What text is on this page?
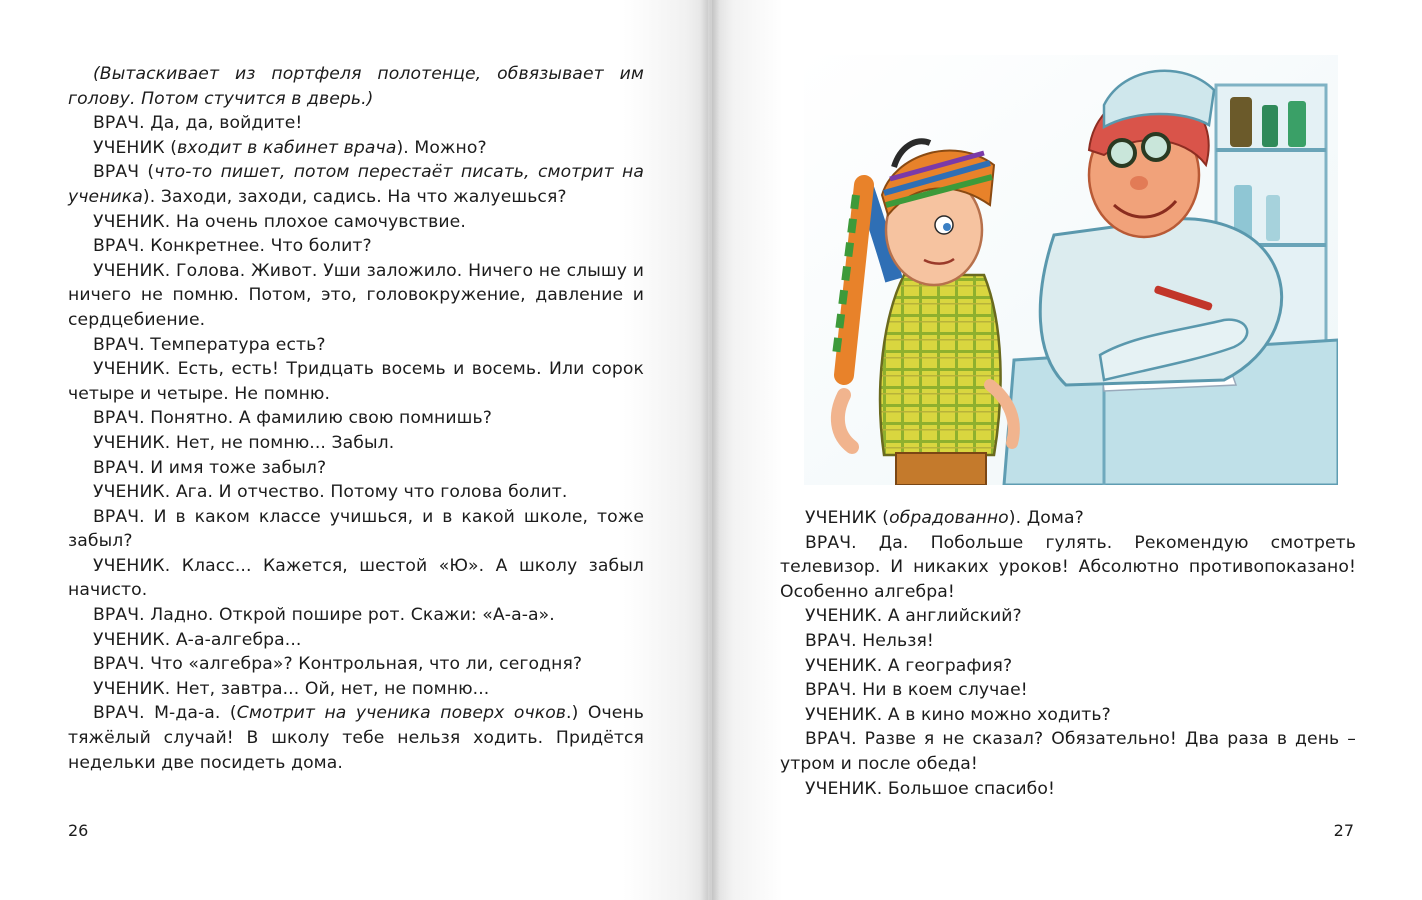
(Вытаскивает из портфеля полотенце, обвязывает им голову. Потом стучится в дверь.)

ВРАЧ. Да, да, войдите!

УЧЕНИК (входит в кабинет врача). Можно?

ВРАЧ (что-то пишет, потом перестаёт писать, смотрит на ученика). Заходи, заходи, садись. На что жалуешься?

УЧЕНИК. На очень плохое самочувствие.

ВРАЧ. Конкретнее. Что болит?

УЧЕНИК. Голова. Живот. Уши заложило. Ничего не слышу и ничего не помню. Потом, это, головокружение, давление и сердцебиение.

ВРАЧ. Температура есть?

УЧЕНИК. Есть, есть! Тридцать восемь и восемь. Или сорок четыре и четыре. Не помню.

ВРАЧ. Понятно. А фамилию свою помнишь?

УЧЕНИК. Нет, не помню... Забыл.

ВРАЧ. И имя тоже забыл?

УЧЕНИК. Ага. И отчество. Потому что голова болит.

ВРАЧ. И в каком классе учишься, и в какой школе, тоже забыл?

УЧЕНИК. Класс... Кажется, шестой «Ю». А школу забыл начисто.

ВРАЧ. Ладно. Открой пошире рот. Скажи: «А-а-а».

УЧЕНИК. А-а-алгебра...

ВРАЧ. Что «алгебра»? Контрольная, что ли, сегодня?

УЧЕНИК. Нет, завтра... Ой, нет, не помню...

ВРАЧ. М-да-а. (Смотрит на ученика поверх очков.) Очень тяжёлый случай! В школу тебе нельзя ходить. Придётся недельки две посидеть дома.

26

УЧЕНИК (обрадованно). Дома?

ВРАЧ. Да. Побольше гулять. Рекомендую смотреть телевизор. И никаких уроков! Абсолютно противопоказано! Особенно алгебра!

УЧЕНИК. А английский?

ВРАЧ. Нельзя!

УЧЕНИК. А география?

ВРАЧ. Ни в коем случае!

УЧЕНИК. А в кино можно ходить?

ВРАЧ. Разве я не сказал? Обязательно! Два раза в день – утром и после обеда!

УЧЕНИК. Большое спасибо!

27
